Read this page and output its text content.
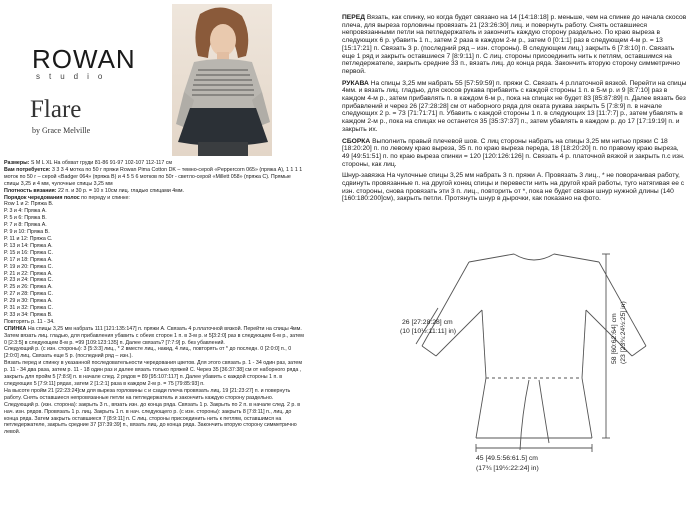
ROWAN
studio
Flare
by Grace Melville

Размеры: S M L XL На обхват груди 81-86 91-97 102-107 112-117 см

Вам потребуется: 3 3 3 4 мотка по 50 г пряжи Rowan Pima Cotton DK – темно-серой «Peppercorn 065» (пряжа А), 1 1 1 1 моток по 50 г – серой «Badger 064» (пряжа B) и 4 5 5 6 мотков по 50г - светло-серой «Millett 058» (пряжа С). Прямые спицы 3,25 и 4 мм, чулочные спицы 3,25 мм

Плотность вязания: 22 п. и 30 р. = 10 х 10см лиц. гладью спицами 4мм.

Порядок чередования полос по переду и спинке:

Row 1 и 2: Пряжа B.

Р. 3 и 4: Пряжа А.

Р. 5 и 6: Пряжа B.

Р. 7 и 8: Пряжа А.

Р. 9 и 10: Пряжа B.

Р. 11 и 12: Пряжа С.

Р. 13 и 14: Пряжа А.

Р. 15 и 16: Пряжа С.

Р. 17 и 18: Пряжа А.

Р. 19 и 20: Пряжа С.

Р. 21 и 22: Пряжа А.

Р. 23 и 24: Пряжа С.

Р. 25 и 26: Пряжа А.

Р. 27 и 28: Пряжа С.

Р. 29 и 30: Пряжа А.

Р. 31 и 32: Пряжа С.

Р. 33 и 34: Пряжа B.

Повторять р. 11 - 34.

СПИНКА На спицы 3,25 мм набрать 111 [121:135:147] п. пряжи А. Связать 4 р.платочной вязкой. Перейти на спицы 4мм. Затем вязать лиц. гладью, для прибавления убавить с обеих сторон 1 п. в 3-м р. и 5[3:2:0] раз в следующем 6-м р., затем 0 [2:3:5] в следующем 8-м р. =99 [109:123:135] п. Далее связать? [7:7:9] р. без убавлений.

Следующий р. (с изн. стороны): 3 [5:3:3] лиц., * 2 вместе лиц., накид, 4 лиц., повторять от * до последн. 0 [2:0:0] п., 0 [2:0:0] лиц. Связать еще 5 р. (последний ряд – изн.).

Вязать перед и спинку в указанной последовательности чередования цветов. Для этого связать р. 1 - 34 один раз, затем р. 11 - 34 два раза, затем р. 11 - 18 один раз и далее вязать только пряжей C. Через 35 [36:37:38] см от наборного ряда , закрыть для пройм 5 [7:8:9] п. в начале след. 2 рядов = 89 [95:107:117] п. Далее убавить с каждой стороны 1 п. в следующих 5 [7:9:11] рядах, затем 2 [1:2:1] раза в каждом 2-м р. = 75 [79:85:93] п.

На высоте пройм 21 [22:23:24]см для выреза горловины с и сзади плеча провязать лиц. 19 [21:23:27] п. и повернуть работу. Снять оставшиеся непровязанные петли на петледержатель и закончить каждую сторону раздельно. Следующий р. (изн. сторона): закрыть 3 п., вязать изн. до конца ряда. Связать 1 р. Закрыть по 2 п. в начале след. 2 р. в нач. изн. рядов. Провязать 1 р. лиц. Закрыть 1 п. в нач. следующего р. (с изн. стороны): закрыть 8 [7:8:11] п., лиц. до конца ряда. Затем закрыть оставшиеся 7 [8:9:11] п. С лиц. стороны присоединить нить к петлям, оставшимся на петледержателе, закрыть средние 37 [37:39:39] п., вязать лиц. до конца ряда. Закончить вторую сторону симметрично левой.

ПЕРЕД Вязать, как спинку, но когда будет связано на 14 [14:18:18] р. меньше, чем на спинке до начала скосов плеча, для выреза горловины провязать 21 [23:26:30] лиц. и повернуть работу. Снять оставшиеся непровязанными петли на петледержатель и закончить каждую сторону раздельно. По краю выреза в следующих 6 р. убавить 1 п., затем 2 раза в каждом 2-м р., затем 0 [0:1:1] раз в следующем 4-м р. = 13 [15:17:21] п. Связать 3 р. (последний ряд – изн. стороны). В следующем лиц.) закрыть 6 [7:8:10] п. Связать еще 1 ряд и закрыть оставшиеся 7 [8:9:11] п. С лиц. стороны присоединить нить к петлям, оставшимся на петледержателе, закрыть средние 33 п., вязать лиц. до конца ряда. Закончить вторую сторону симметрично первой.

РУКАВА На спицы 3,25 мм набрать 55 [57:59:59] п. пряжи С. Связать 4 р.платочной вязкой. Перейти на спицы 4мм. и вязать лиц. гладью, для скосов рукава прибавить с каждой стороны 1 п. в 5-м р. и 9 [8:7:10] раз в каждом 4-м р., затем прибавлять п. в каждом 6-м р., пока на спицах не будет 83 [85:87:89] п. Далее вязать без прибавлений и через 26 [27:28:28] см от наборного ряда для оката рукава закрыть 5 [7:8:9] п. в начале следующих 2 р. = 73 [71:71:71] п. Убавить с каждой стороны 1 п. в следующих 13 [11:7:7] р., затем убавлять в каждом 2-м р., пока на спицах не останется 35 [35:37:37] п., затем убавлять в каждом р. до 17 [17:19:19] п. и закрыть их.

СБОРКА Выполнить правый плечевой шов. С лиц стороны набрать на спицы 3,25 мм нитью пряжи С 18 [18:20:20] п. по левому краю выреза, 35 п. по краю выреза переда, 18 [18:20:20] п. по правому краю выреза, 49 [49:51:51] п. по краю выреза спинки = 120 [120:126:126] п. Связать 4 р. платочной вязкой и закрыть п.с изн. стороны, как лиц.

Шнур-завязка На чулочные спицы 3,25 мм набрать 3 п. пряжи А. Провязать 3 лиц., * не поворачивая работу, сдвинуть провязанные п. на другой конец спицы и перевести нить на другой край работы, туго натягивая ее с изн. стороны, снова провязать эти 3 п. лиц., повторить от *, пока не будет связан шнур нужной длины (140 [160:180:200]см), закрыть петли. Протянуть шнур в дырочки, как показано на фото.

26 [27:28:28] cm
(10 [10½:11:11] in)	58 [60:62:64] cm (23 [23¾:24½:25] in)
45 [49.5:56:61.5] cm
(17¾ [19½:22:24] in)
